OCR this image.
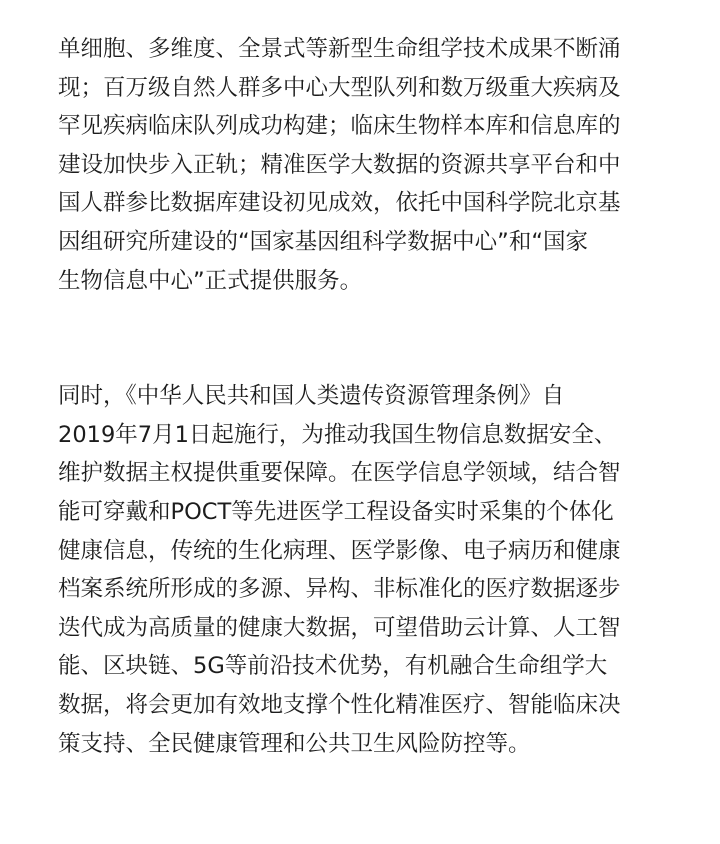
单细胞、多维度、全景式等新型生命组学技术成果不断涌
现；百万级自然人群多中心大型队列和数万级重大疾病及
罕见疾病临床队列成功构建；临床生物样本库和信息库的
建设加快步入正轨；精准医学大数据的资源共享平台和中
国人群参比数据库建设初见成效，依托中国科学院北京基
因组研究所建设的“国家基因组科学数据中心”和“国家
生物信息中心”正式提供服务。
同时，《中华人民共和国人类遗传资源管理条例》自
2019年7月1日起施行，为推动我国生物信息数据安全、
维护数据主权提供重要保障。在医学信息学领域，结合智
能可穿戴和POCT等先进医学工程设备实时采集的个体化
健康信息，传统的生化病理、医学影像、电子病历和健康
档案系统所形成的多源、异构、非标准化的医疗数据逐步
迭代成为高质量的健康大数据，可望借助云计算、人工智
能、区块链、5G等前沿技术优势，有机融合生命组学大
数据，将会更加有效地支撑个性化精准医疗、智能临床决
策支持、全民健康管理和公共卫生风险防控等。
